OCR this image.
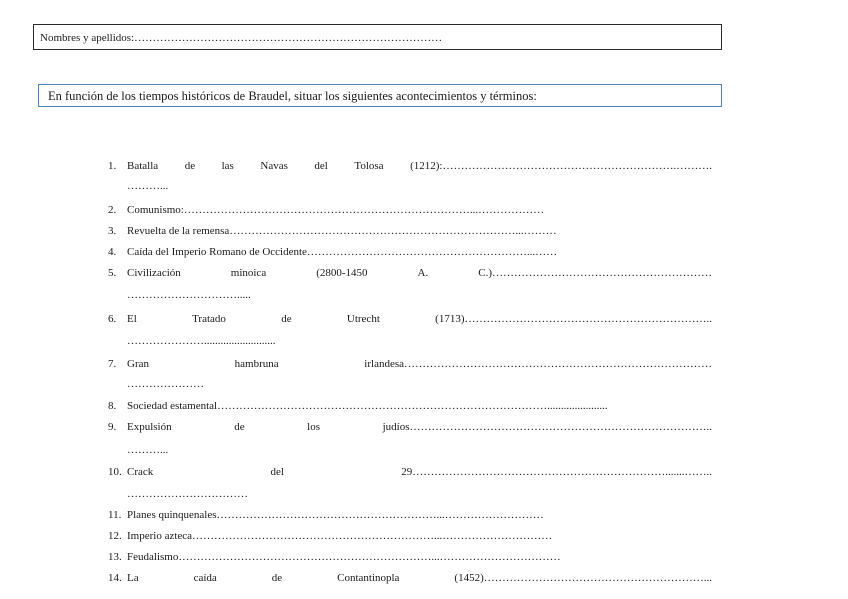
Nombres y apellidos:…………………………………………………………………………
En función de los tiempos históricos de Braudel, situar los siguientes acontecimientos y términos:
1. Batalla de las Navas del Tolosa (1212):……………………………………………………….……….
………...
2. Comunismo:……………………………………………………………………...………………
3. Revuelta de la remensa……………………………………………………………………...………
4. Caída del Imperio Romano de Occidente……………………………………………………...……
5. Civilización	minoica	(2800-1450	A.	C.)……………………………………………………
………………………….....
6. El	Tratado	de	Utrecht	(1713)…………………………………………………………..
…………………..........................
7. Gran	hambruna	irlandesa…………………………………………………………………………
…………………
8. Sociedad estamental………………………………………………………………………………......................
9. Expulsión	de	los	judíos………………………………………………………………………..
………...
10. Crack	del	29…………………………………………………………….......……..
……………………………
11. Planes quinquenales……………………………………………………...………………………
12. Imperio azteca…………………………………………………………...…………………………
13. Feudalismo……………………………………………………………...……………………………
14. La	caída	de	Contantinopla	(1452)……………………………………………………...
